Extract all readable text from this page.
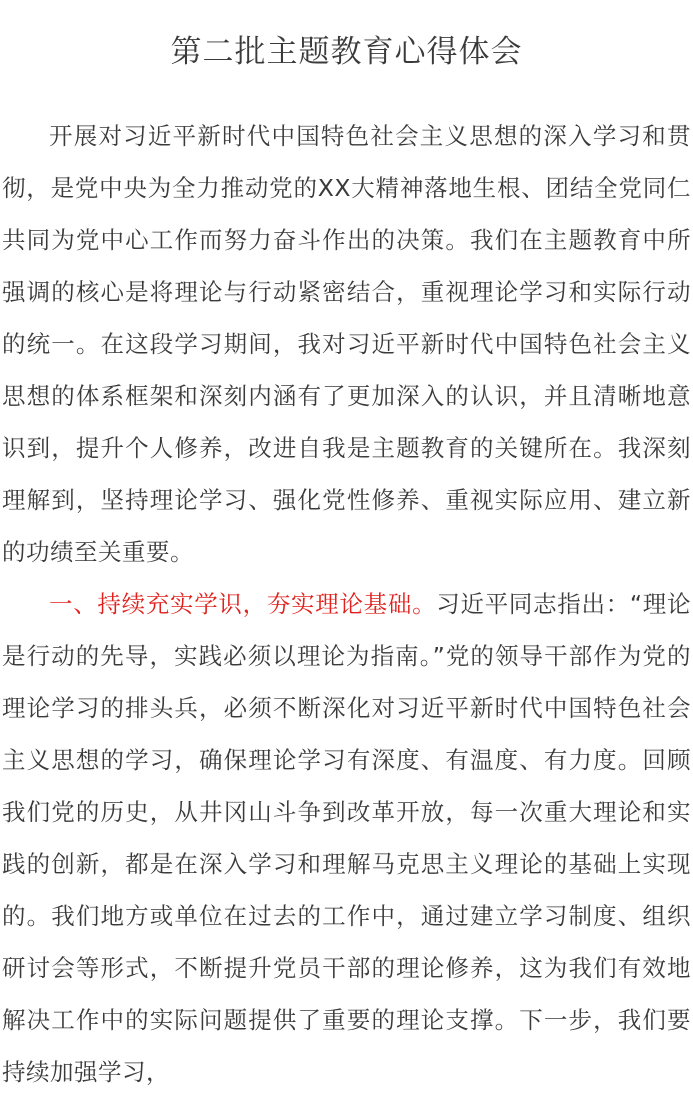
第二批主题教育心得体会

开展对习近平新时代中国特色社会主义思想的深入学习和贯彻，是党中央为全力推动党的XX大精神落地生根、团结全党同仁共同为党中心工作而努力奋斗作出的决策。我们在主题教育中所强调的核心是将理论与行动紧密结合，重视理论学习和实际行动的统一。在这段学习期间，我对习近平新时代中国特色社会主义思想的体系框架和深刻内涵有了更加深入的认识，并且清晰地意识到，提升个人修养，改进自我是主题教育的关键所在。我深刻理解到，坚持理论学习、强化党性修养、重视实际应用、建立新的功绩至关重要。

一、持续充实学识，夯实理论基础。习近平同志指出：“理论是行动的先导，实践必须以理论为指南。”党的领导干部作为党的理论学习的排头兵，必须不断深化对习近平新时代中国特色社会主义思想的学习，确保理论学习有深度、有温度、有力度。回顾我们党的历史，从井冈山斗争到改革开放，每一次重大理论和实践的创新，都是在深入学习和理解马克思主义理论的基础上实现的。我们地方或单位在过去的工作中，通过建立学习制度、组织研讨会等形式，不断提升党员干部的理论修养，这为我们有效地解决工作中的实际问题提供了重要的理论支撑。下一步，我们要持续加强学习，
